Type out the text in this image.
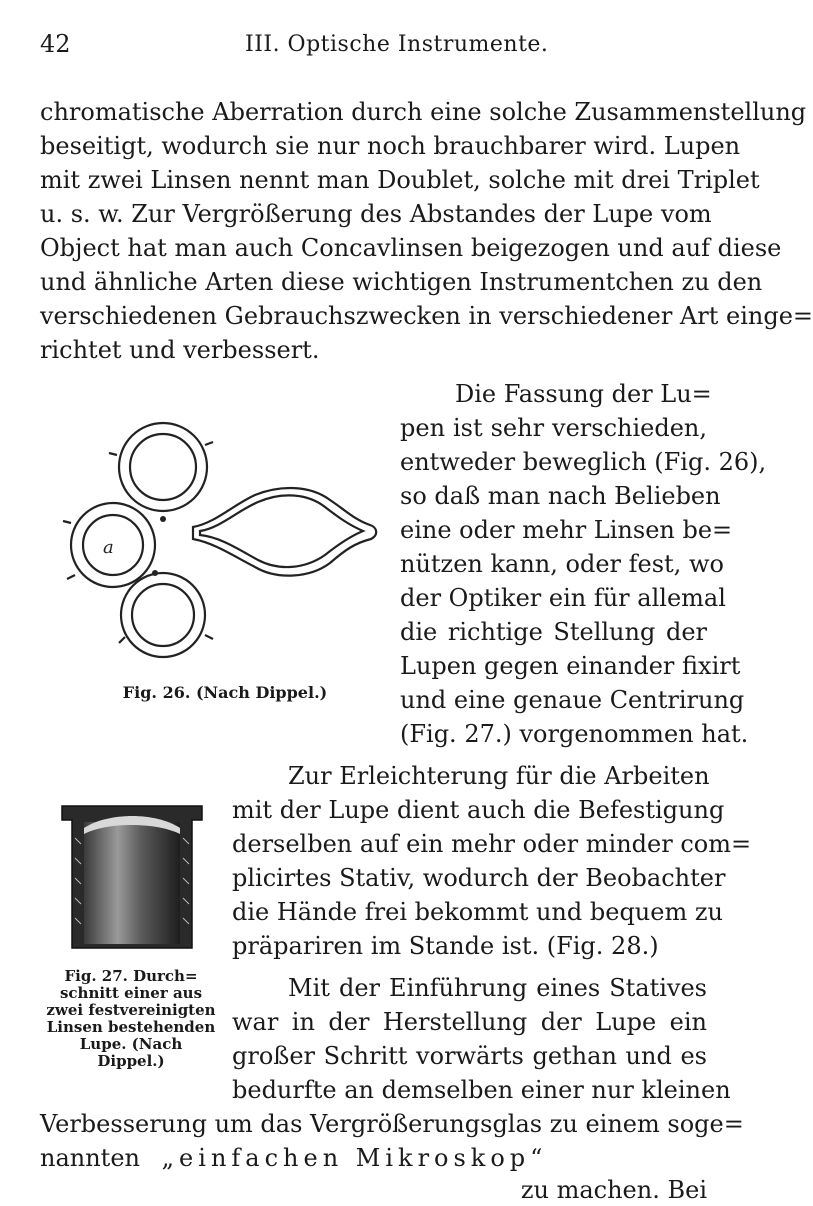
42	III. Optische Instrumente.
chromatische Aberration durch eine solche Zusammenstellung
beseitigt, wodurch sie nur noch brauchbarer wird. Lupen
mit zwei Linsen nennt man Doublet, solche mit drei Triplet
u. s. w. Zur Vergrößerung des Abstandes der Lupe vom
Object hat man auch Concavlinsen beigezogen und auf diese
und ähnliche Arten diese wichtigen Instrumentchen zu den
verschiedenen Gebrauchszwecken in verschiedener Art einge=
richtet und verbessert.
a
Fig. 26. (Nach Dippel.)
Die Fassung der Lu=
pen ist sehr verschieden,
entweder beweglich (Fig. 26),
so daß man nach Belieben
eine oder mehr Linsen be=
nützen kann, oder fest, wo
der Optiker ein für allemal
die richtige Stellung der
Lupen gegen einander fixirt
und eine genaue Centrirung
(Fig. 27.) vorgenommen hat.
Fig. 27. Durch=
schnitt einer aus
zwei festvereinigten
Linsen bestehenden
Lupe. (Nach
Dippel.)
Zur Erleichterung für die Arbeiten
mit der Lupe dient auch die Befestigung
derselben auf ein mehr oder minder com=
plicirtes Stativ, wodurch der Beobachter
die Hände frei bekommt und bequem zu
präpariren im Stande ist. (Fig. 28.)
Mit der Einführung eines Statives
war in der Herstellung der Lupe ein
großer Schritt vorwärts gethan und es
bedurfte an demselben einer nur kleinen
Verbesserung um das Vergrößerungsglas zu einem soge=
nannten „einfachen Mikroskop“
zu machen. Bei
